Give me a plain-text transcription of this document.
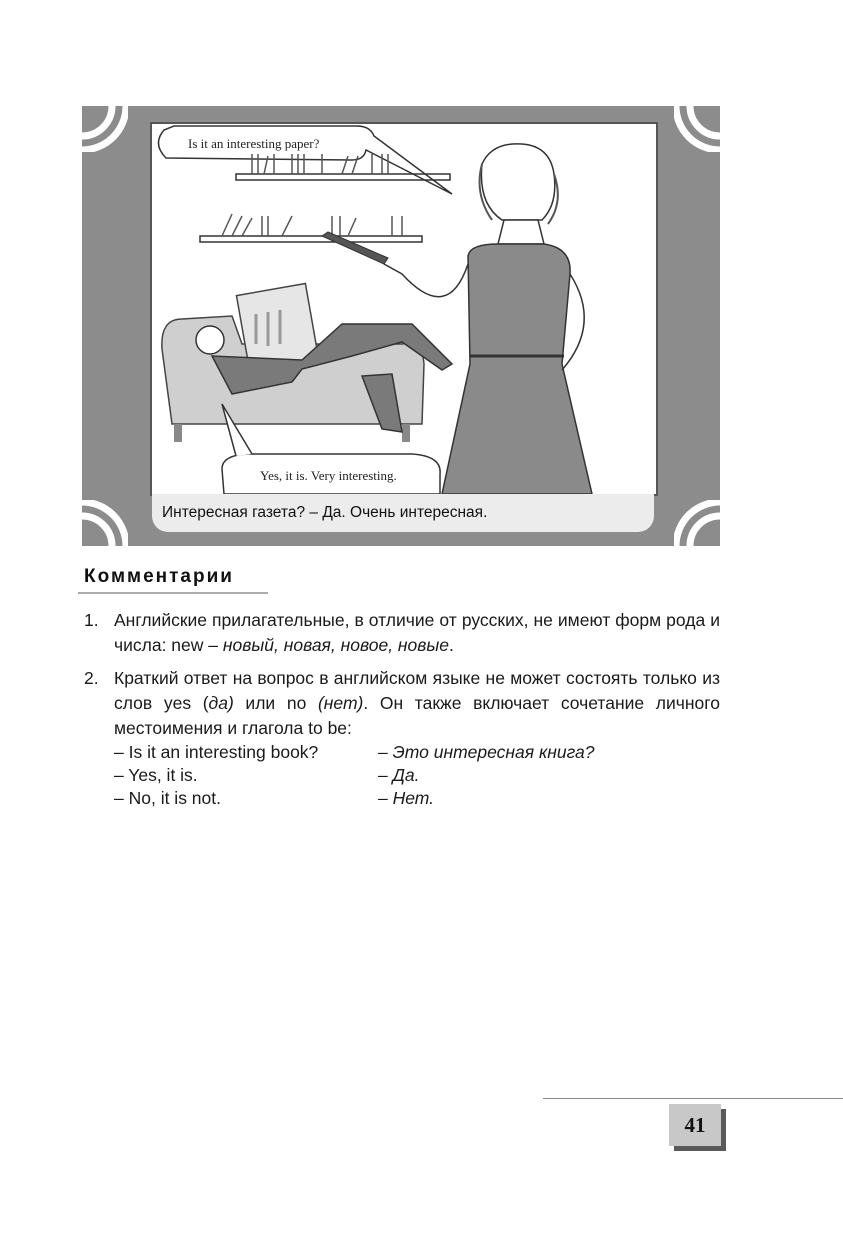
Is it an interesting paper?
Yes, it is. Very interesting.
Интересная газета? – Да. Очень интересная.
Комментарии
1. Английские прилагательные, в отличие от русских, не имеют форм рода и числа: new – новый, новая, новое, новые.
2. Краткий ответ на вопрос в английском языке не может состоять только из слов yes (да) или no (нет). Он также включает сочетание личного местоимения и глагола to be:
– Is it an interesting book?	– Это интересная книга?
– Yes, it is.	– Да.
– No, it is not.	– Нет.
41
